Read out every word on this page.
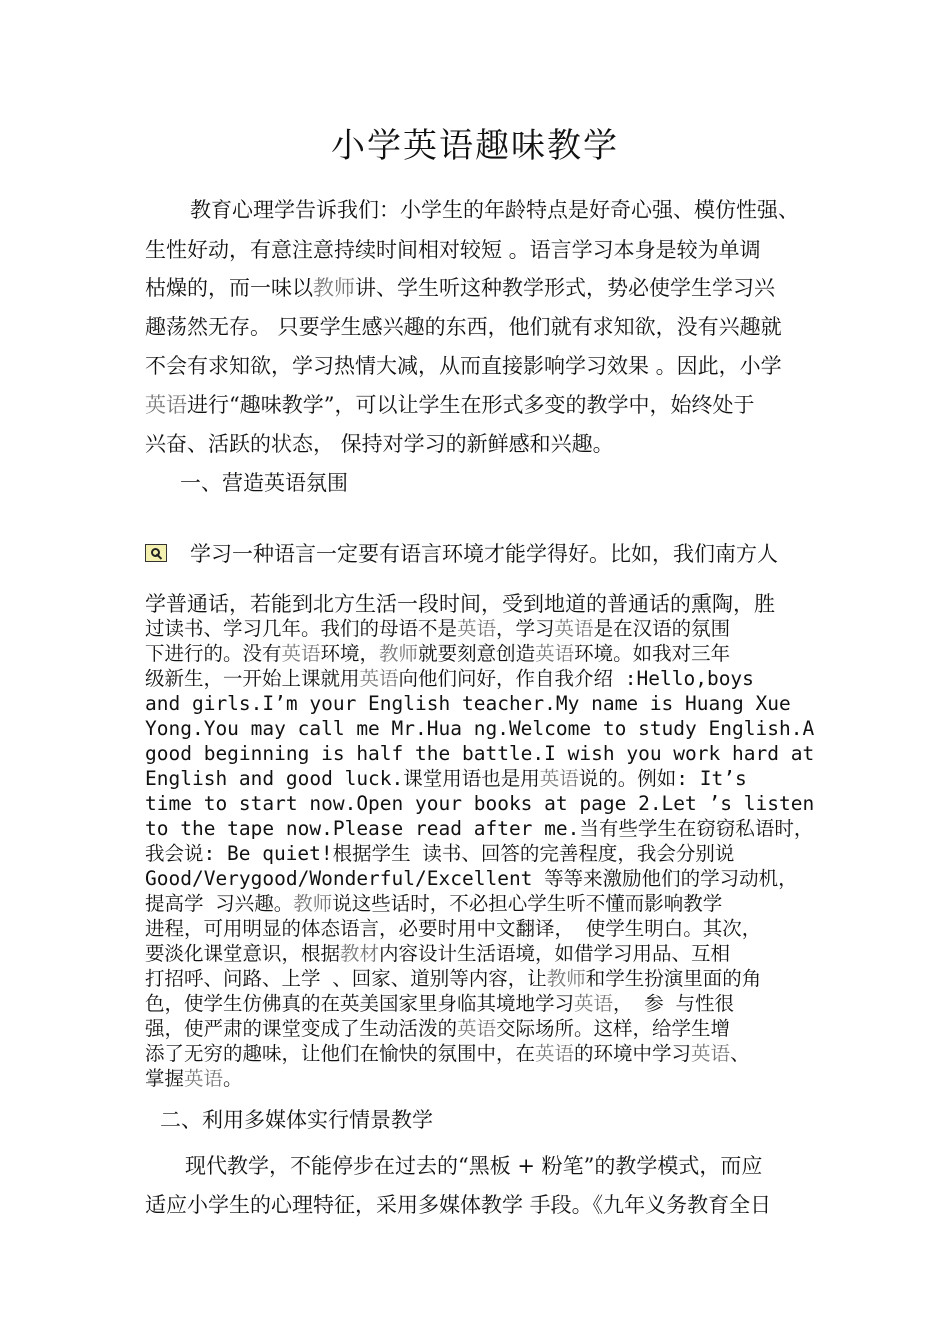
小学英语趣味教学
教育心理学告诉我们：小学生的年龄特点是好奇心强、模仿性强、
生性好动，有意注意持续时间相对较短 。语言学习本身是较为单调
枯燥的，而一味以教师讲、学生听这种教学形式，势必使学生学习兴
趣荡然无存。 只要学生感兴趣的东西，他们就有求知欲，没有兴趣就
不会有求知欲，学习热情大减，从而直接影响学习效果 。因此，小学
英语进行“趣味教学”，可以让学生在形式多变的教学中，始终处于
兴奋、活跃的状态， 保持对学习的新鲜感和兴趣。
一、营造英语氛围
学习一种语言一定要有语言环境才能学得好。比如，我们南方人
学普通话，若能到北方生活一段时间，受到地道的普通话的熏陶，胜
过读书、学习几年。我们的母语不是英语，学习英语是在汉语的氛围
下进行的。没有英语环境，教师就要刻意创造英语环境。如我对三年
级新生，一开始上课就用英语向他们问好，作自我介绍 :Hello,boys
and girls.I’m your English teacher.My name is Huang Xue
Yong.You may call me Mr.Hua ng.Welcome to study English.A
good beginning is half the battle.I wish you work hard at
English and good luck.课堂用语也是用英语说的。例如: It’s
time to start now.Open your books at page 2.Let ’s listen
to the tape now.Please read after me.当有些学生在窃窃私语时，
我会说: Be quiet!根据学生 读书、回答的完善程度，我会分别说
Good/Verygood/Wonderful/Excellent 等等来激励他们的学习动机，
提高学 习兴趣。教师说这些话时，不必担心学生听不懂而影响教学
进程，可用明显的体态语言，必要时用中文翻译， 使学生明白。其次，
要淡化课堂意识，根据教材内容设计生活语境，如借学习用品、互相
打招呼、问路、上学 、回家、道别等内容，让教师和学生扮演里面的角
色，使学生仿佛真的在英美国家里身临其境地学习英语， 参 与性很
强，使严肃的课堂变成了生动活泼的英语交际场所。这样，给学生增
添了无穷的趣味，让他们在愉快的氛围中，在英语的环境中学习英语、
掌握英语。
二、利用多媒体实行情景教学
现代教学，不能停步在过去的“黑板 + 粉笔”的教学模式，而应
适应小学生的心理特征，采用多媒体教学 手段。《九年义务教育全日
